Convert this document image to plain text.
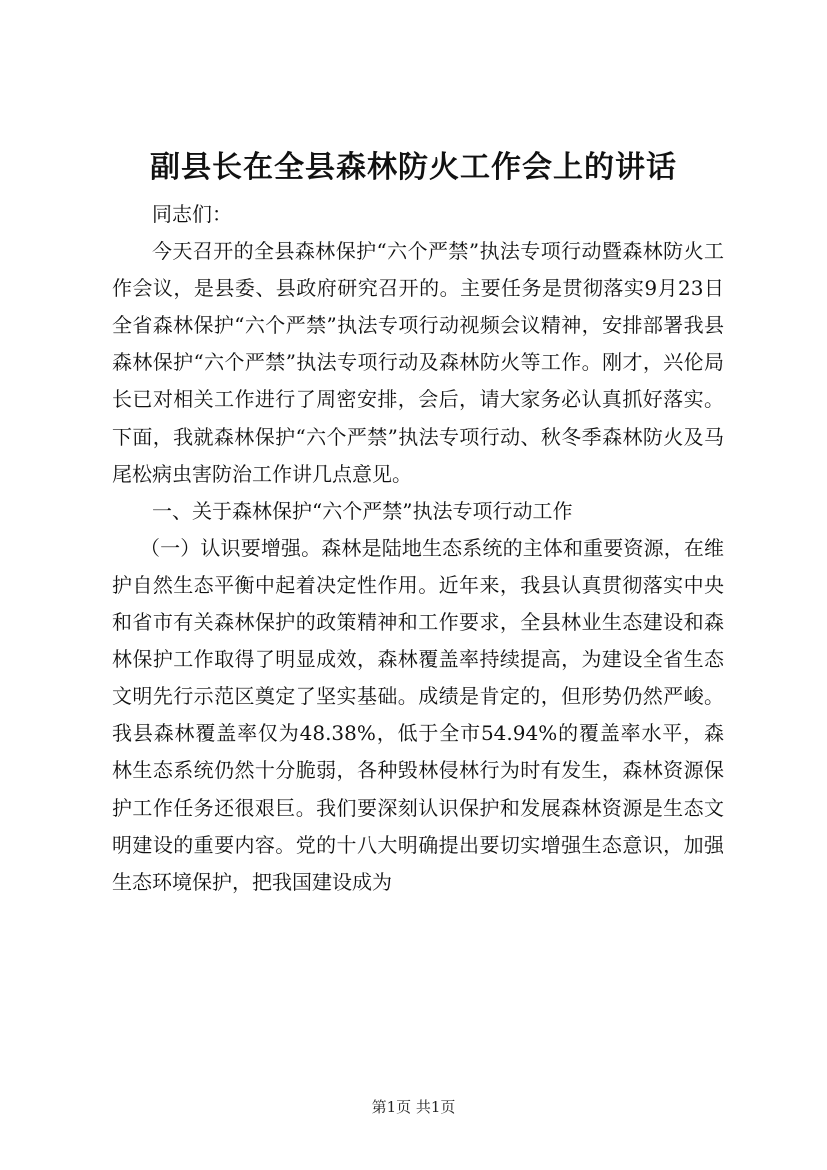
副县长在全县森林防火工作会上的讲话

同志们：

今天召开的全县森林保护“六个严禁”执法专项行动暨森林防火工作会议，是县委、县政府研究召开的。主要任务是贯彻落实9月23日全省森林保护“六个严禁”执法专项行动视频会议精神，安排部署我县森林保护“六个严禁”执法专项行动及森林防火等工作。刚才，兴伦局长已对相关工作进行了周密安排，会后，请大家务必认真抓好落实。下面，我就森林保护“六个严禁”执法专项行动、秋冬季森林防火及马尾松病虫害防治工作讲几点意见。

一、关于森林保护“六个严禁”执法专项行动工作

（一）认识要增强。森林是陆地生态系统的主体和重要资源，在维护自然生态平衡中起着决定性作用。近年来，我县认真贯彻落实中央和省市有关森林保护的政策精神和工作要求，全县林业生态建设和森林保护工作取得了明显成效，森林覆盖率持续提高，为建设全省生态文明先行示范区奠定了坚实基础。成绩是肯定的，但形势仍然严峻。我县森林覆盖率仅为48.38%，低于全市54.94%的覆盖率水平，森林生态系统仍然十分脆弱，各种毁林侵林行为时有发生，森林资源保护工作任务还很艰巨。我们要深刻认识保护和发展森林资源是生态文明建设的重要内容。党的十八大明确提出要切实增强生态意识，加强生态环境保护，把我国建设成为

第1页 共1页
